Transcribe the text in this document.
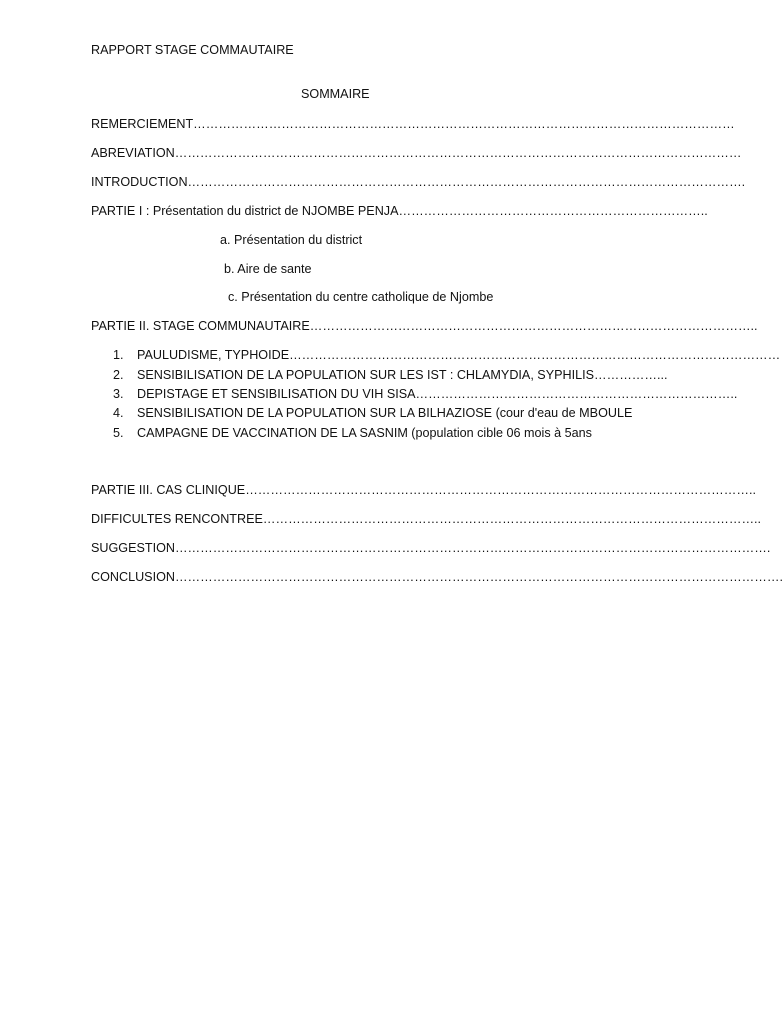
RAPPORT STAGE COMMAUTAIRE
SOMMAIRE
REMERCIEMENT…………………………………………………………………………………………………………………
ABREVIATION………………………………………………………………………………………………………………………
INTRODUCTION…………………………………………………………………………………………………………………….
PARTIE I : Présentation du district de NJOMBE PENJA………………………………………………………………..
a. Présentation du district
b. Aire de sante
c. Présentation du centre catholique de Njombe
PARTIE II. STAGE COMMUNAUTAIRE……………………………………………………………………………………………..
1. PAULUDISME, TYPHOIDE………………………………………………………………………………………………………
2. SENSIBILISATION DE LA POPULATION SUR LES IST : CHLAMYDIA, SYPHILIS……………...
3. DEPISTAGE ET SENSIBILISATION DU VIH SISA…………………………………………………………………..
4. SENSIBILISATION DE LA POPULATION SUR LA BILHAZIOSE (cour d'eau de MBOULE
5. CAMPAGNE DE VACCINATION DE LA SASNIM (population cible 06 mois à 5ans
PARTIE III. CAS CLINIQUE…………………………………………………………………………………………………………..
DIFFICULTES RENCONTREE………………………………………………………………………………………………………..
SUGGESTION…………………………………………………………………………………………………………………………….
CONCLUSION……………………………………………………………………………………………………………………………….
